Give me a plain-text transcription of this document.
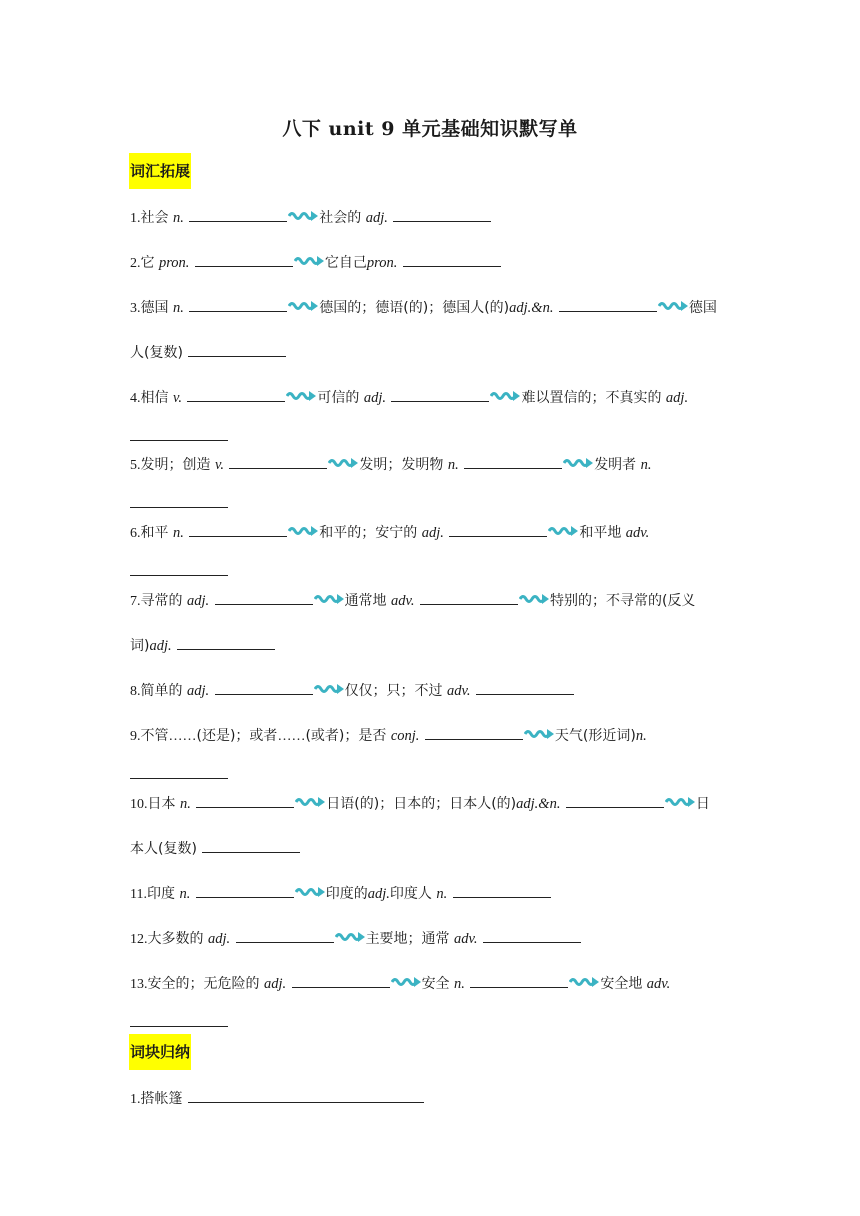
八下 unit 9 单元基础知识默写单
词汇拓展
1.社会 n.	社会的 adj.
2.它 pron.	它自己pron.
3.德国 n.	德国的；德语(的)；德国人(的)adj.&n.	德国
人(复数)
4.相信 v.	可信的 adj.	难以置信的；不真实的 adj.
5.发明；创造 v.	发明；发明物 n.	发明者 n.
6.和平 n.	和平的；安宁的 adj.	和平地 adv.
7.寻常的 adj.	通常地 adv.	特别的；不寻常的(反义
词)adj.
8.简单的 adj.	仅仅；只；不过 adv.
9.不管……(还是)；或者……(或者)；是否 conj.	天气(形近词)n.
10.日本 n.	日语(的)；日本的；日本人(的)adj.&n.	日
本人(复数)
11.印度 n.	印度的adj.印度人 n.
12.大多数的 adj.	主要地；通常 adv.
13.安全的；无危险的 adj.	安全 n.	安全地 adv.
词块归纳
1.搭帐篷
